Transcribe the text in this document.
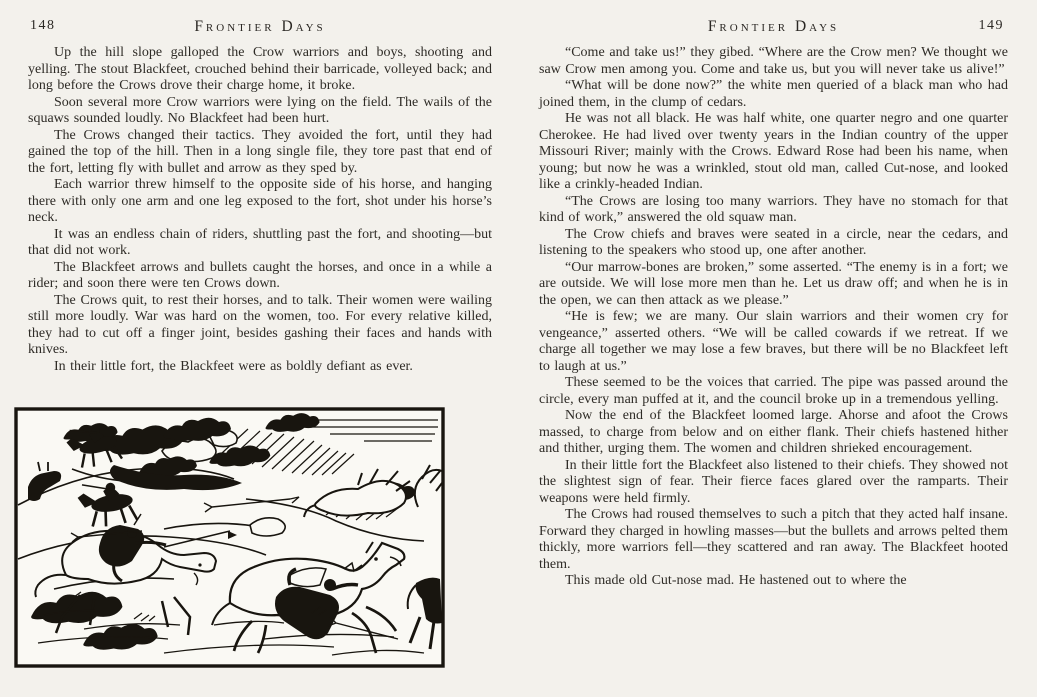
148	Frontier Days

Up the hill slope galloped the Crow warriors and boys, shooting and yelling. The stout Blackfeet, crouched behind their barricade, volleyed back; and long before the Crows drove their charge home, it broke.

Soon several more Crow warriors were lying on the field. The wails of the squaws sounded loudly. No Blackfeet had been hurt.

The Crows changed their tactics. They avoided the fort, until they had gained the top of the hill. Then in a long single file, they tore past that end of the fort, letting fly with bullet and arrow as they sped by.

Each warrior threw himself to the opposite side of his horse, and hanging there with only one arm and one leg exposed to the fort, shot under his horse’s neck.

It was an endless chain of riders, shuttling past the fort, and shooting—but that did not work.

The Blackfeet arrows and bullets caught the horses, and once in a while a rider; and soon there were ten Crows down.

The Crows quit, to rest their horses, and to talk. Their women were wailing still more loudly. War was hard on the women, too. For every relative killed, they had to cut off a finger joint, besides gashing their faces and hands with knives.

In their little fort, the Blackfeet were as boldly defiant as ever.

Frontier Days	149

“Come and take us!” they gibed. “Where are the Crow men? We thought we saw Crow men among you. Come and take us, but you will never take us alive!”

“What will be done now?” the white men queried of a black man who had joined them, in the clump of cedars.

He was not all black. He was half white, one quarter negro and one quarter Cherokee. He had lived over twenty years in the Indian country of the upper Missouri River; mainly with the Crows. Edward Rose had been his name, when young; but now he was a wrinkled, stout old man, called Cut-nose, and looked like a crinkly-headed Indian.

“The Crows are losing too many warriors. They have no stomach for that kind of work,” answered the old squaw man.

The Crow chiefs and braves were seated in a circle, near the cedars, and listening to the speakers who stood up, one after another.

“Our marrow-bones are broken,” some asserted. “The enemy is in a fort; we are outside. We will lose more men than he. Let us draw off; and when he is in the open, we can then attack as we please.”

“He is few; we are many. Our slain warriors and their women cry for vengeance,” asserted others. “We will be called cowards if we retreat. If we charge all together we may lose a few braves, but there will be no Blackfeet left to laugh at us.”

These seemed to be the voices that carried. The pipe was passed around the circle, every man puffed at it, and the council broke up in a tremendous yelling.

Now the end of the Blackfeet loomed large. Ahorse and afoot the Crows massed, to charge from below and on either flank. Their chiefs hastened hither and thither, urging them. The women and children shrieked encouragement.

In their little fort the Blackfeet also listened to their chiefs. They showed not the slightest sign of fear. Their fierce faces glared over the ramparts. Their weapons were held firmly.

The Crows had roused themselves to such a pitch that they acted half insane. Forward they charged in howling masses—but the bullets and arrows pelted them thickly, more warriors fell—they scattered and ran away. The Blackfeet hooted them.

This made old Cut-nose mad. He hastened out to where the
